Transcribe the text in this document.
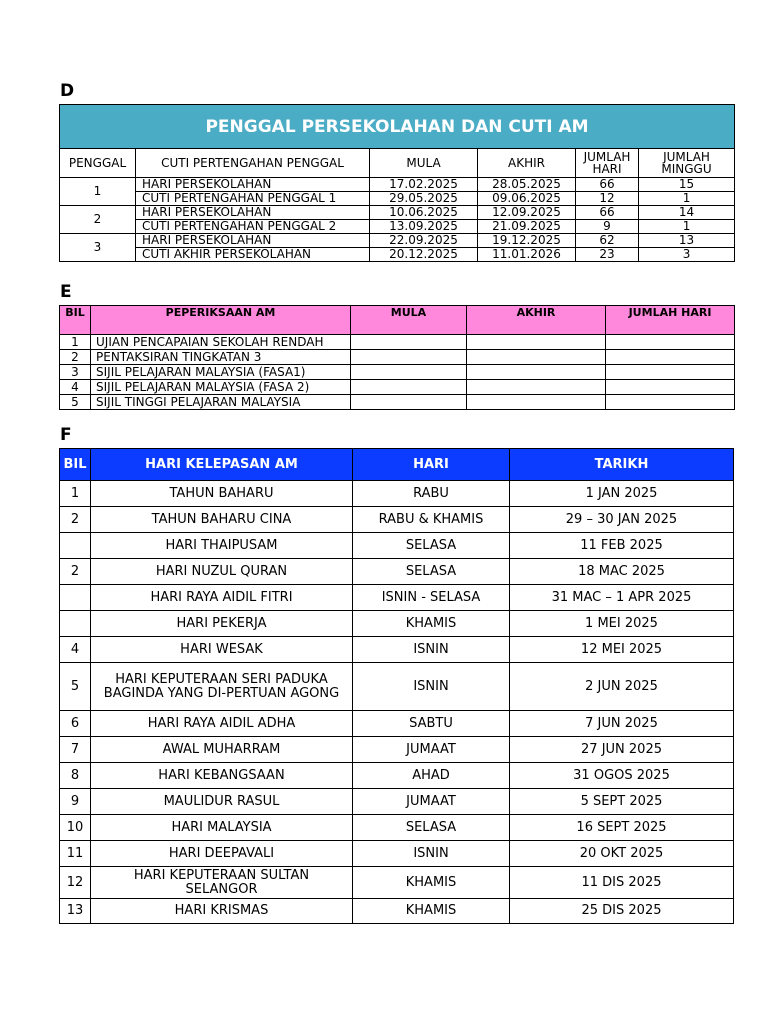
D
PENGGAL PERSEKOLAHAN DAN CUTI AM					
PENGGAL	CUTI PERTENGAHAN PENGGAL	MULA	AKHIR	JUMLAH HARI	JUMLAH MINGGU
1	HARI PERSEKOLAHAN	17.02.2025	28.05.2025	66	15
	CUTI PERTENGAHAN PENGGAL 1	29.05.2025	09.06.2025	12	1
2	HARI PERSEKOLAHAN	10.06.2025	12.09.2025	66	14
	CUTI PERTENGAHAN PENGGAL 2	13.09.2025	21.09.2025	9	1
3	HARI PERSEKOLAHAN	22.09.2025	19.12.2025	62	13
	CUTI AKHIR PERSEKOLAHAN	20.12.2025	11.01.2026	23	3
E
BIL	PEPERIKSAAN AM	MULA	AKHIR	JUMLAH HARI
1	UJIAN PENCAPAIAN SEKOLAH RENDAH			
2	PENTAKSIRAN TINGKATAN 3			
3	SIJIL PELAJARAN MALAYSIA (FASA1)			
4	SIJIL PELAJARAN MALAYSIA (FASA 2)			
5	SIJIL TINGGI PELAJARAN MALAYSIA			
F
BIL	HARI KELEPASAN AM	HARI	TARIKH
1	TAHUN BAHARU	RABU	1 JAN 2025
2	TAHUN BAHARU CINA	RABU & KHAMIS	29 – 30 JAN 2025
	HARI THAIPUSAM	SELASA	11 FEB 2025
2	HARI NUZUL QURAN	SELASA	18 MAC 2025
	HARI RAYA AIDIL FITRI	ISNIN - SELASA	31 MAC – 1 APR 2025
	HARI PEKERJA	KHAMIS	1 MEI 2025
4	HARI WESAK	ISNIN	12 MEI 2025
5	HARI KEPUTERAAN SERI PADUKA BAGINDA YANG DI-PERTUAN AGONG	ISNIN	2 JUN 2025
6	HARI RAYA AIDIL ADHA	SABTU	7 JUN 2025
7	AWAL MUHARRAM	JUMAAT	27 JUN 2025
8	HARI KEBANGSAAN	AHAD	31 OGOS 2025
9	MAULIDUR RASUL	JUMAAT	5 SEPT 2025
10	HARI MALAYSIA	SELASA	16 SEPT 2025
11	HARI DEEPAVALI	ISNIN	20 OKT 2025
12	HARI KEPUTERAAN SULTAN SELANGOR	KHAMIS	11 DIS 2025
13	HARI KRISMAS	KHAMIS	25 DIS 2025
